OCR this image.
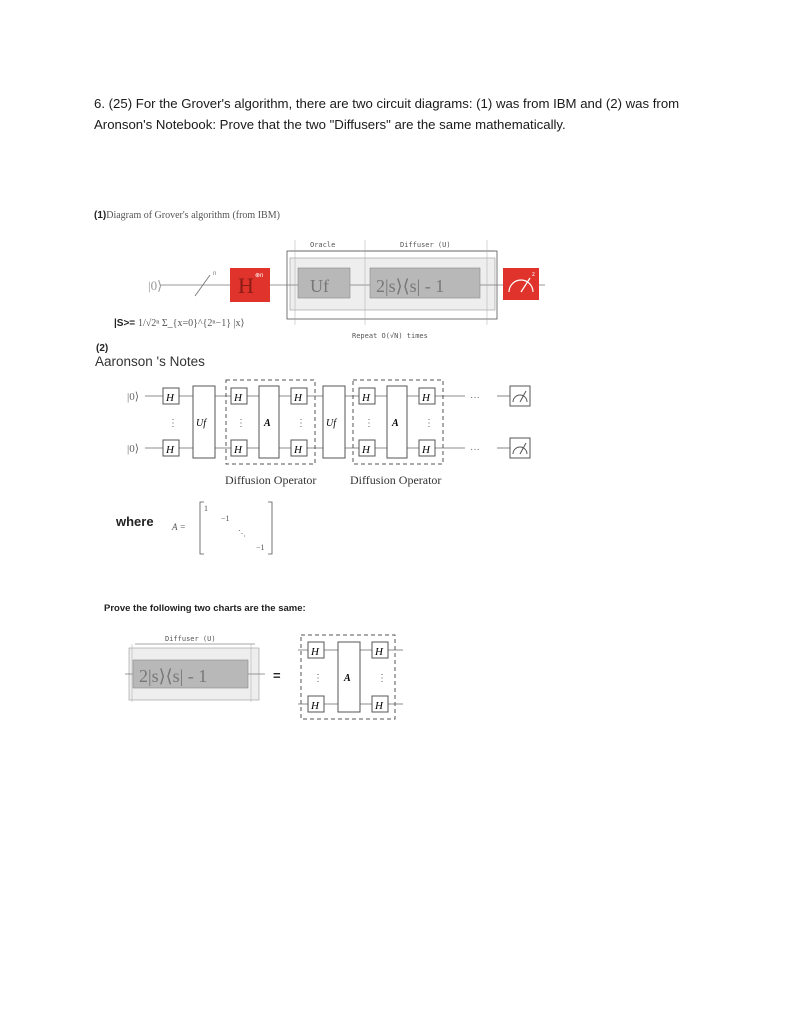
6. (25) For the Grover's algorithm, there are two circuit diagrams: (1) was from IBM and (2) was from Aronson's Notebook: Prove that the two "Diffusers" are the same mathematically.
(1)Diagram of Grover's algorithm (from IBM)
Oracle	Diffuser (U)
|0⟩
n H ⊗n	Uf	2|s⟩⟨s| - 1
z
Repeat O(√N) times
|S>= 1/√2ⁿ Σ_{x=0}^{2ⁿ−1} |x⟩
(2)
Aaronson 's Notes
|0⟩
|0⟩
H
H
⋮ Uf
H
H
⋮ A
H
H
⋮ Uf
H
H
⋮ A
H
H
⋮
···
···
Diffusion Operator	Diffusion Operator
where A =
1
−1
⋱
−1
Prove the following two charts are the same:
Diffuser (U)
2|s⟩⟨s| - 1	=
H
H
⋮ A
H
H
⋮
